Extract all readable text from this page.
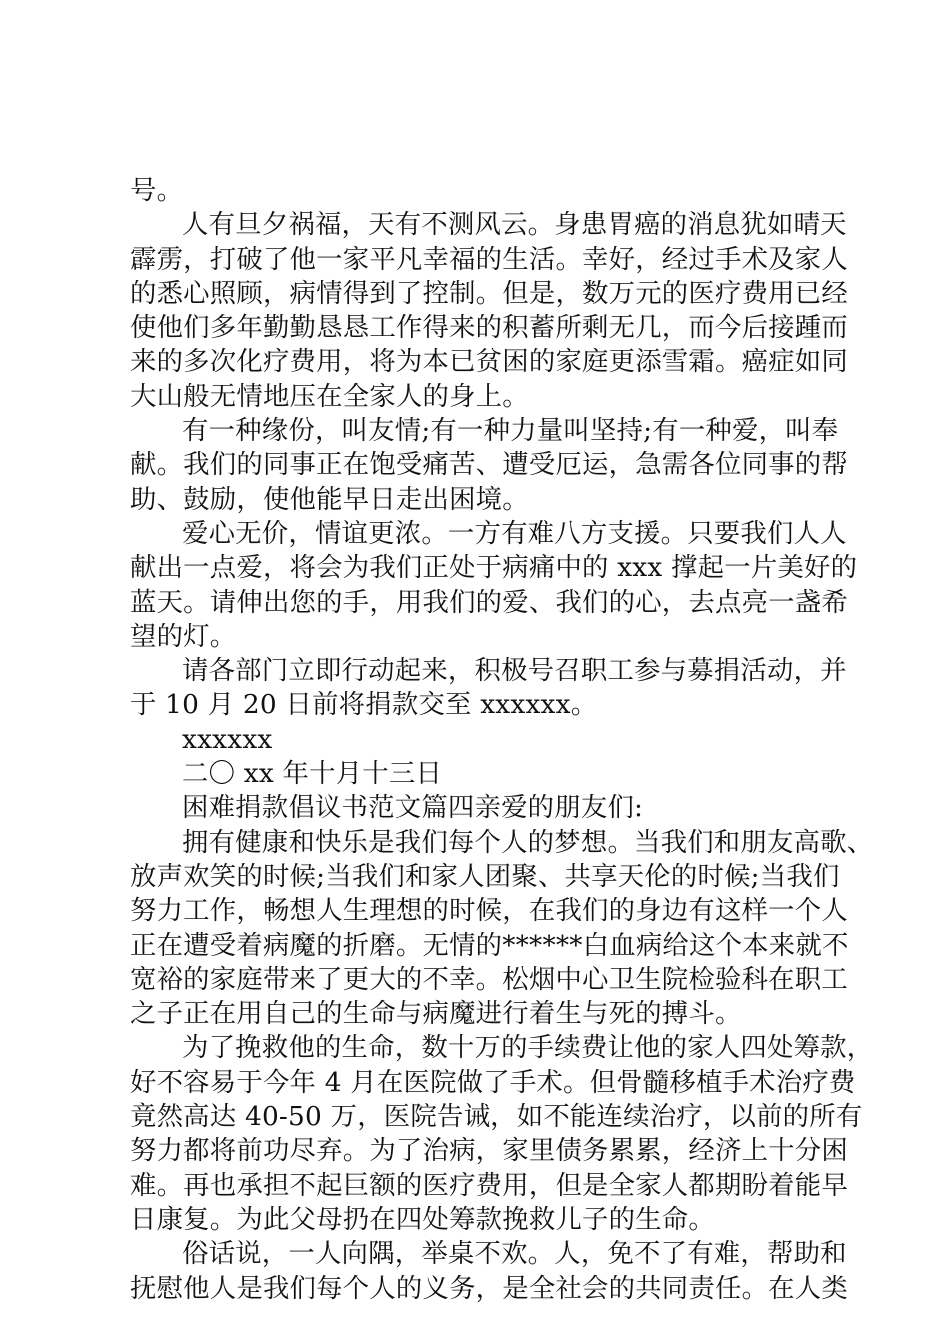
号。
人有旦夕祸福，天有不测风云。身患胃癌的消息犹如晴天
霹雳，打破了他一家平凡幸福的生活。幸好，经过手术及家人
的悉心照顾，病情得到了控制。但是，数万元的医疗费用已经
使他们多年勤勤恳恳工作得来的积蓄所剩无几，而今后接踵而
来的多次化疗费用，将为本已贫困的家庭更添雪霜。癌症如同
大山般无情地压在全家人的身上。
有一种缘份，叫友情;有一种力量叫坚持;有一种爱，叫奉
献。我们的同事正在饱受痛苦、遭受厄运，急需各位同事的帮
助、鼓励，使他能早日走出困境。
爱心无价，情谊更浓。一方有难八方支援。只要我们人人
献出一点爱，将会为我们正处于病痛中的 xxx 撑起一片美好的
蓝天。请伸出您的手，用我们的爱、我们的心，去点亮一盏希
望的灯。
请各部门立即行动起来，积极号召职工参与募捐活动，并
于 10 月 20 日前将捐款交至 xxxxxx。
xxxxxx
二〇 xx 年十月十三日
困难捐款倡议书范文篇四亲爱的朋友们:
拥有健康和快乐是我们每个人的梦想。当我们和朋友高歌、
放声欢笑的时候;当我们和家人团聚、共享天伦的时候;当我们
努力工作，畅想人生理想的时候，在我们的身边有这样一个人
正在遭受着病魔的折磨。无情的******白血病给这个本来就不
宽裕的家庭带来了更大的不幸。松烟中心卫生院检验科在职工
之子正在用自己的生命与病魔进行着生与死的搏斗。
为了挽救他的生命，数十万的手续费让他的家人四处筹款，
好不容易于今年 4 月在医院做了手术。但骨髓移植手术治疗费
竟然高达 40-50 万，医院告诫，如不能连续治疗，以前的所有
努力都将前功尽弃。为了治病，家里债务累累，经济上十分困
难。再也承担不起巨额的医疗费用，但是全家人都期盼着能早
日康复。为此父母扔在四处筹款挽救儿子的生命。
俗话说，一人向隅，举桌不欢。人，免不了有难，帮助和
抚慰他人是我们每个人的义务，是全社会的共同责任。在人类
